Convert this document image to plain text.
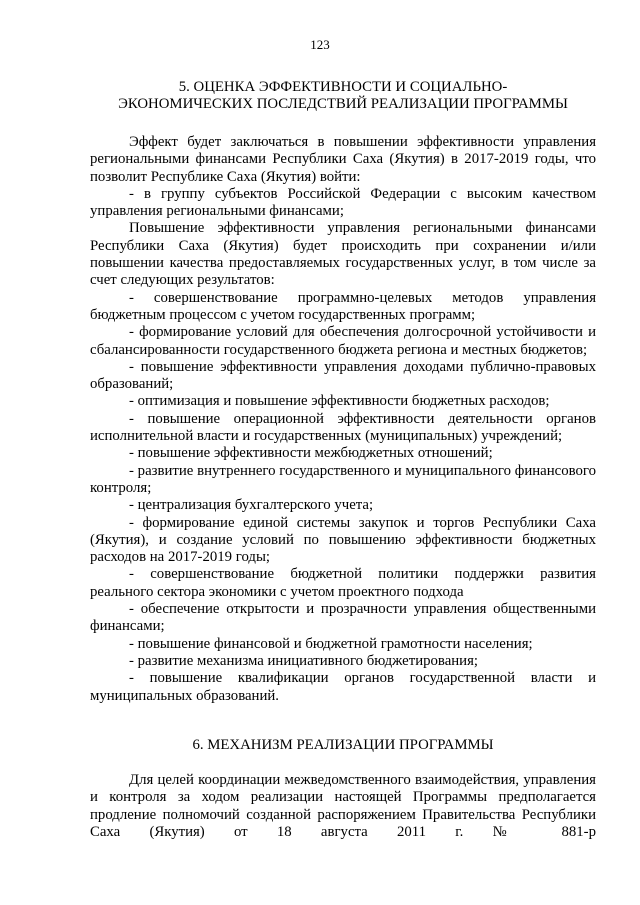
123
5. ОЦЕНКА ЭФФЕКТИВНОСТИ И СОЦИАЛЬНО-
ЭКОНОМИЧЕСКИХ ПОСЛЕДСТВИЙ РЕАЛИЗАЦИИ ПРОГРАММЫ

Эффект будет заключаться в повышении эффективности управления региональными финансами Республики Саха (Якутия) в 2017-2019 годы, что позволит Республике Саха (Якутия) войти:

- в группу субъектов Российской Федерации с высоким качеством управления региональными финансами;

Повышение эффективности управления региональными финансами Республики Саха (Якутия) будет происходить при сохранении и/или повышении качества предоставляемых государственных услуг, в том числе за счет следующих результатов:

- совершенствование программно-целевых методов управления бюджетным процессом с учетом государственных программ;

- формирование условий для обеспечения долгосрочной устойчивости и сбалансированности государственного бюджета региона и местных бюджетов;

- повышение эффективности управления доходами публично-правовых образований;

- оптимизация и повышение эффективности бюджетных расходов;

- повышение операционной эффективности деятельности органов исполнительной власти и государственных (муниципальных) учреждений;

- повышение эффективности межбюджетных отношений;

- развитие внутреннего государственного и муниципального финансового контроля;

- централизация бухгалтерского учета;

- формирование единой системы закупок и торгов Республики Саха (Якутия), и создание условий по повышению эффективности бюджетных расходов на 2017-2019 годы;

- совершенствование бюджетной политики поддержки развития реального сектора экономики с учетом проектного подхода

- обеспечение открытости и прозрачности управления общественными финансами;

- повышение финансовой и бюджетной грамотности населения;

- развитие механизма инициативного бюджетирования;

- повышение квалификации органов государственной власти и муниципальных образований.

6. МЕХАНИЗМ РЕАЛИЗАЦИИ ПРОГРАММЫ

Для целей координации межведомственного взаимодействия, управления и контроля за ходом реализации настоящей Программы предполагается продление полномочий созданной распоряжением Правительства Республики Саха (Якутия) от 18 августа 2011 г. № 881-р
